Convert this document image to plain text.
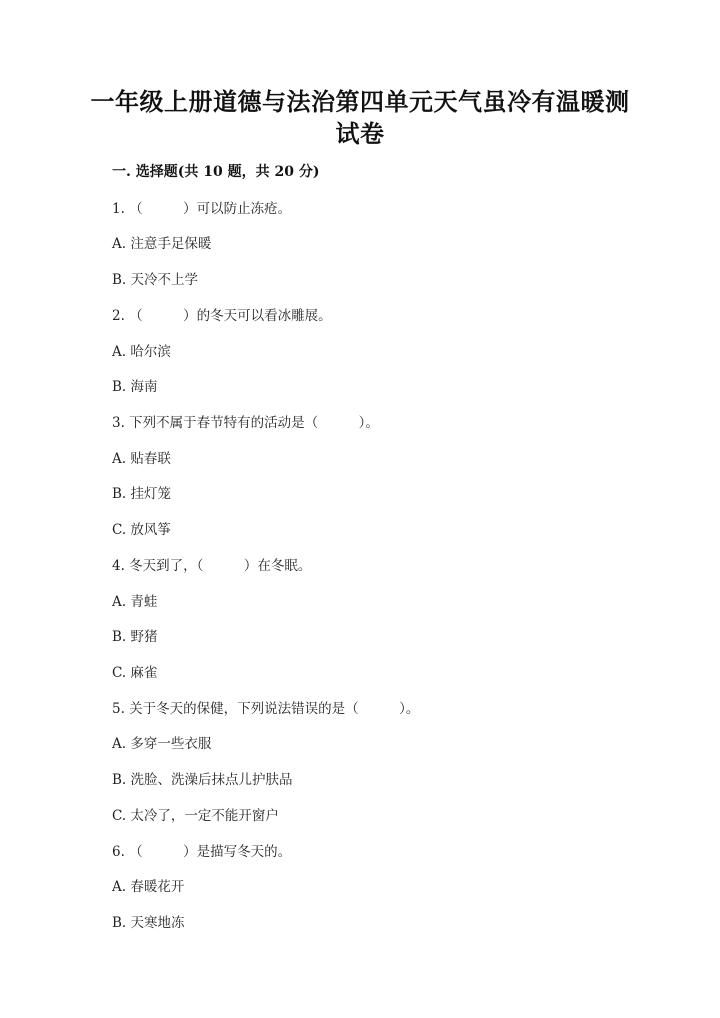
一年级上册道德与法治第四单元天气虽冷有温暖测
试卷
一. 选择题(共 10 题，共 20 分)
1. （　　　）可以防止冻疮。
A. 注意手足保暖
B. 天冷不上学
2. （　　　）的冬天可以看冰雕展。
A. 哈尔滨
B. 海南
3. 下列不属于春节特有的活动是（　　　）。
A. 贴春联
B. 挂灯笼
C. 放风筝
4. 冬天到了，（　　　）在冬眠。
A. 青蛙
B. 野猪
C. 麻雀
5. 关于冬天的保健，下列说法错误的是（　　　）。
A. 多穿一些衣服
B. 洗脸、洗澡后抹点儿护肤品
C. 太冷了，一定不能开窗户
6. （　　　）是描写冬天的。
A. 春暖花开
B. 天寒地冻
